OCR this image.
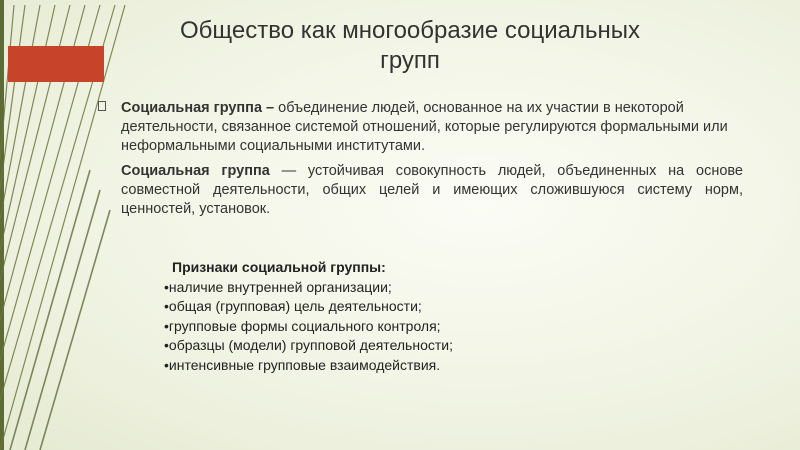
Общество как многообразие социальных
групп
Социальная группа – объединение людей, основанное на их участии в некоторой деятельности, связанное системой отношений, которые регулируются формальными или неформальными социальными институтами.
Социальная группа — устойчивая совокупность людей, объединенных на основе совместной деятельности, общих целей и имеющих сложившуюся систему норм, ценностей, установок.
Признаки социальной группы:
• наличие внутренней организации;
• общая (групповая) цель деятельности;
• групповые формы социального контроля;
• образцы (модели) групповой деятельности;
• интенсивные групповые взаимодействия.
